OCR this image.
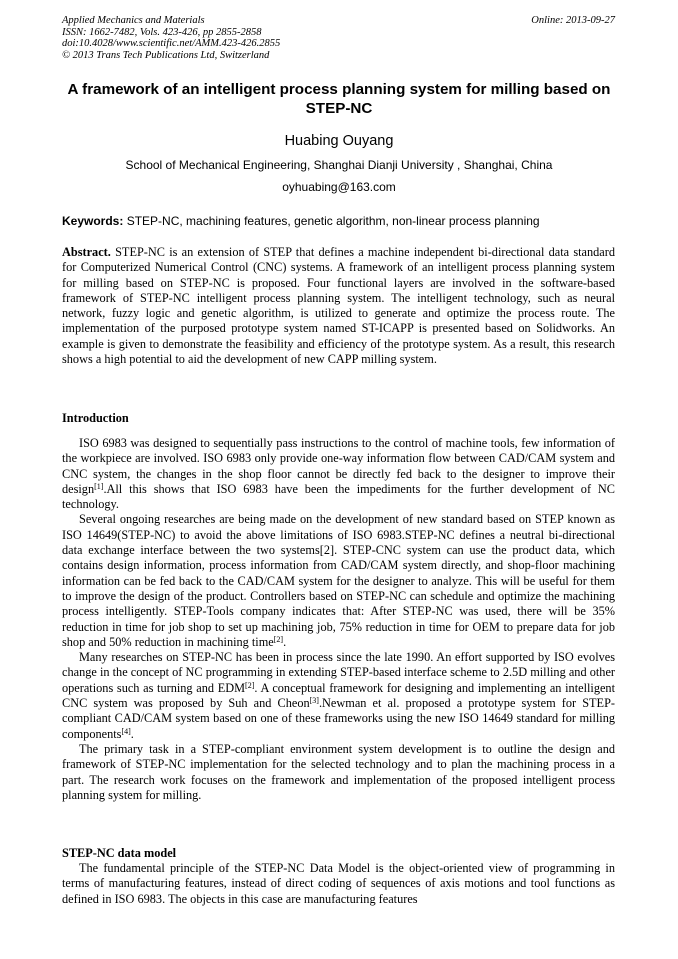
Applied Mechanics and Materials
ISSN: 1662-7482, Vols. 423-426, pp 2855-2858
doi:10.4028/www.scientific.net/AMM.423-426.2855
© 2013 Trans Tech Publications Ltd, Switzerland
Online: 2013-09-27
A framework of an intelligent process planning system for milling based on STEP-NC
Huabing Ouyang
School of Mechanical Engineering, Shanghai Dianji University , Shanghai, China
oyhuabing@163.com
Keywords: STEP-NC, machining features, genetic algorithm, non-linear process planning

Abstract. STEP-NC is an extension of STEP that defines a machine independent bi-directional data standard for Computerized Numerical Control (CNC) systems. A framework of an intelligent process planning system for milling based on STEP-NC is proposed. Four functional layers are involved in the software-based framework of STEP-NC intelligent process planning system. The intelligent technology, such as neural network, fuzzy logic and genetic algorithm, is utilized to generate and optimize the process route. The implementation of the purposed prototype system named ST-ICAPP is presented based on Solidworks. An example is given to demonstrate the feasibility and efficiency of the prototype system. As a result, this research shows a high potential to aid the development of new CAPP milling system.

Introduction

ISO 6983 was designed to sequentially pass instructions to the control of machine tools, few information of the workpiece are involved. ISO 6983 only provide one-way information flow between CAD/CAM system and CNC system, the changes in the shop floor cannot be directly fed back to the designer to improve their design[1].All this shows that ISO 6983 have been the impediments for the further development of NC technology.

Several ongoing researches are being made on the development of new standard based on STEP known as ISO 14649(STEP-NC) to avoid the above limitations of ISO 6983.STEP-NC defines a neutral bi-directional data exchange interface between the two systems[2]. STEP-CNC system can use the product data, which contains design information, process information from CAD/CAM system directly, and shop-floor machining information can be fed back to the CAD/CAM system for the designer to analyze. This will be useful for them to improve the design of the product. Controllers based on STEP-NC can schedule and optimize the machining process intelligently. STEP-Tools company indicates that: After STEP-NC was used, there will be 35% reduction in time for job shop to set up machining job, 75% reduction in time for OEM to prepare data for job shop and 50% reduction in machining time[2].

Many researches on STEP-NC has been in process since the late 1990. An effort supported by ISO evolves change in the concept of NC programming in extending STEP-based interface scheme to 2.5D milling and other operations such as turning and EDM[2]. A conceptual framework for designing and implementing an intelligent CNC system was proposed by Suh and Cheon[3].Newman et al. proposed a prototype system for STEP-compliant CAD/CAM system based on one of these frameworks using the new ISO 14649 standard for milling components[4].

The primary task in a STEP-compliant environment system development is to outline the design and framework of STEP-NC implementation for the selected technology and to plan the machining process in a part. The research work focuses on the framework and implementation of the proposed intelligent process planning system for milling.

STEP-NC data model

The fundamental principle of the STEP-NC Data Model is the object-oriented view of programming in terms of manufacturing features, instead of direct coding of sequences of axis motions and tool functions as defined in ISO 6983. The objects in this case are manufacturing features
